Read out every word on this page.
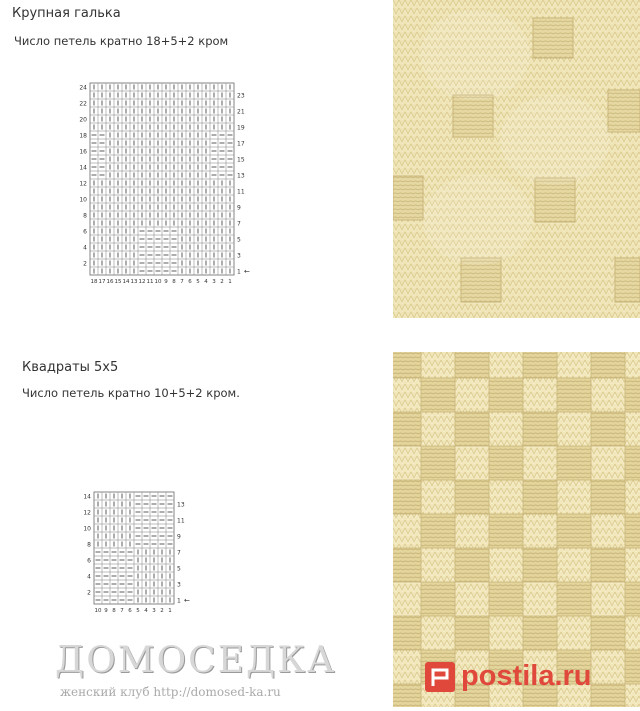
Крупная галька
Число петель кратно 18+5+2 кром
24
22
20
18
16
14
12
10
8
6
4
2
23
21
19
17
15
13
11
9
7
5
3
1 ←
18 17 16 15 14 13 12 11 10 9 8 7 6 5 4 3 2 1
Квадраты 5х5
Число петель кратно 10+5+2 кром.
14
12
10
8
6
4
2
13
11
9
7
5
3
1 ←
10 9 8 7 6 5 4 3 2 1
ДОМОСЕДКА
женский клуб http://domosed-ka.ru	postila.ru
